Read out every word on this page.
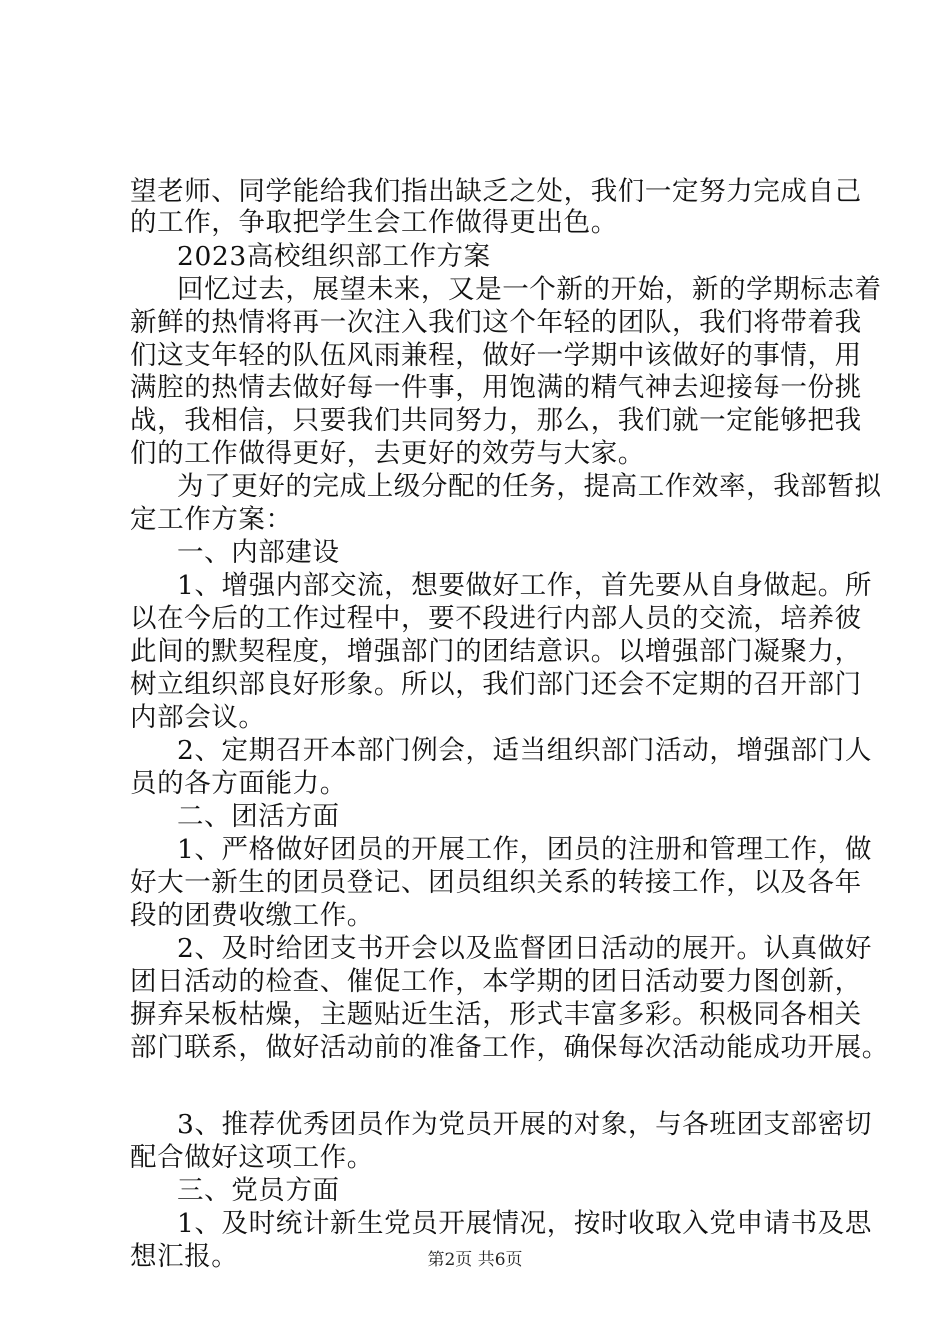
望老师、同学能给我们指出缺乏之处，我们一定努力完成自己
的工作，争取把学生会工作做得更出色。
2023高校组织部工作方案
回忆过去，展望未来，又是一个新的开始，新的学期标志着
新鲜的热情将再一次注入我们这个年轻的团队，我们将带着我
们这支年轻的队伍风雨兼程，做好一学期中该做好的事情，用
满腔的热情去做好每一件事，用饱满的精气神去迎接每一份挑
战，我相信，只要我们共同努力，那么，我们就一定能够把我
们的工作做得更好，去更好的效劳与大家。
为了更好的完成上级分配的任务，提高工作效率，我部暂拟
定工作方案：
一、内部建设
1、增强内部交流，想要做好工作，首先要从自身做起。所
以在今后的工作过程中，要不段进行内部人员的交流，培养彼
此间的默契程度，增强部门的团结意识。以增强部门凝聚力，
树立组织部良好形象。所以，我们部门还会不定期的召开部门
内部会议。
2、定期召开本部门例会，适当组织部门活动，增强部门人
员的各方面能力。
二、团活方面
1、严格做好团员的开展工作，团员的注册和管理工作，做
好大一新生的团员登记、团员组织关系的转接工作，以及各年
段的团费收缴工作。
2、及时给团支书开会以及监督团日活动的展开。认真做好
团日活动的检查、催促工作，本学期的团日活动要力图创新，
摒弃呆板枯燥，主题贴近生活，形式丰富多彩。积极同各相关
部门联系，做好活动前的准备工作，确保每次活动能成功开展。
3、推荐优秀团员作为党员开展的对象，与各班团支部密切
配合做好这项工作。
三、党员方面
1、及时统计新生党员开展情况，按时收取入党申请书及思
想汇报。	第2页 共6页
